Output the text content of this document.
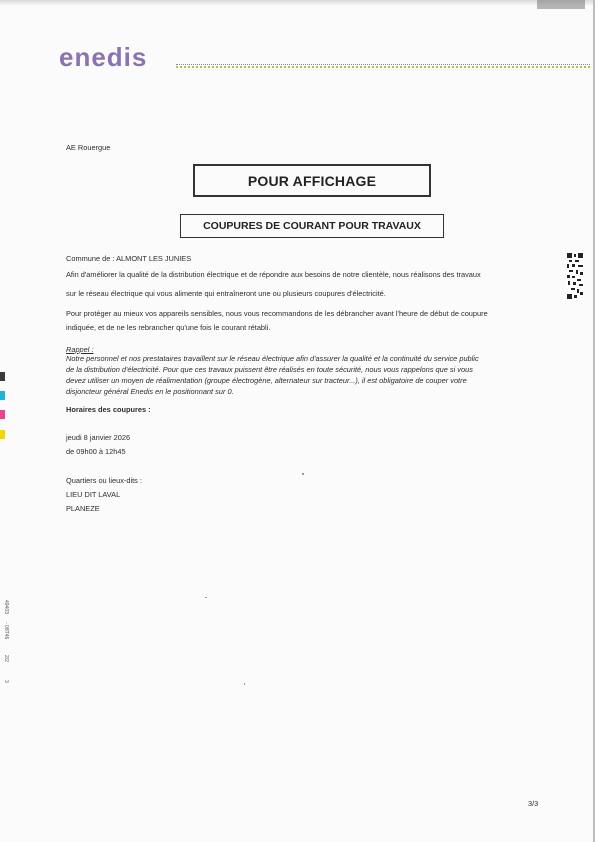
enedis
AE Rouergue
POUR AFFICHAGE
COUPURES DE COURANT POUR TRAVAUX
Commune de : ALMONT LES JUNIES
Afin d'améliorer la qualité de la distribution électrique et de répondre aux besoins de notre clientèle, nous réalisons des travaux
sur le réseau électrique qui vous alimente qui entraîneront une ou plusieurs coupures d'électricité.
Pour protéger au mieux vos appareils sensibles, nous vous recommandons de les débrancher avant l'heure de début de coupure
indiquée, et de ne les rebrancher qu'une fois le courant rétabli.
Rappel :
Notre personnel et nos prestataires travaillent sur le réseau électrique afin d'assurer la qualité et la continuité du service public
de la distribution d'électricité. Pour que ces travaux puissent être réalisés en toute sécurité, nous vous rappelons que si vous
devez utiliser un moyen de réalimentation (groupe électrogène, alternateur sur tracteur...), il est obligatoire de couper votre
disjoncteur général Enedis en le positionnant sur 0.
Horaires des coupures :
jeudi 8 janvier 2026
de 09h00 à 12h45
Quartiers ou lieux-dits :
LIEU DIT LAVAL
PLANEZE
3/3
49403
- 08T46
2/2
3
